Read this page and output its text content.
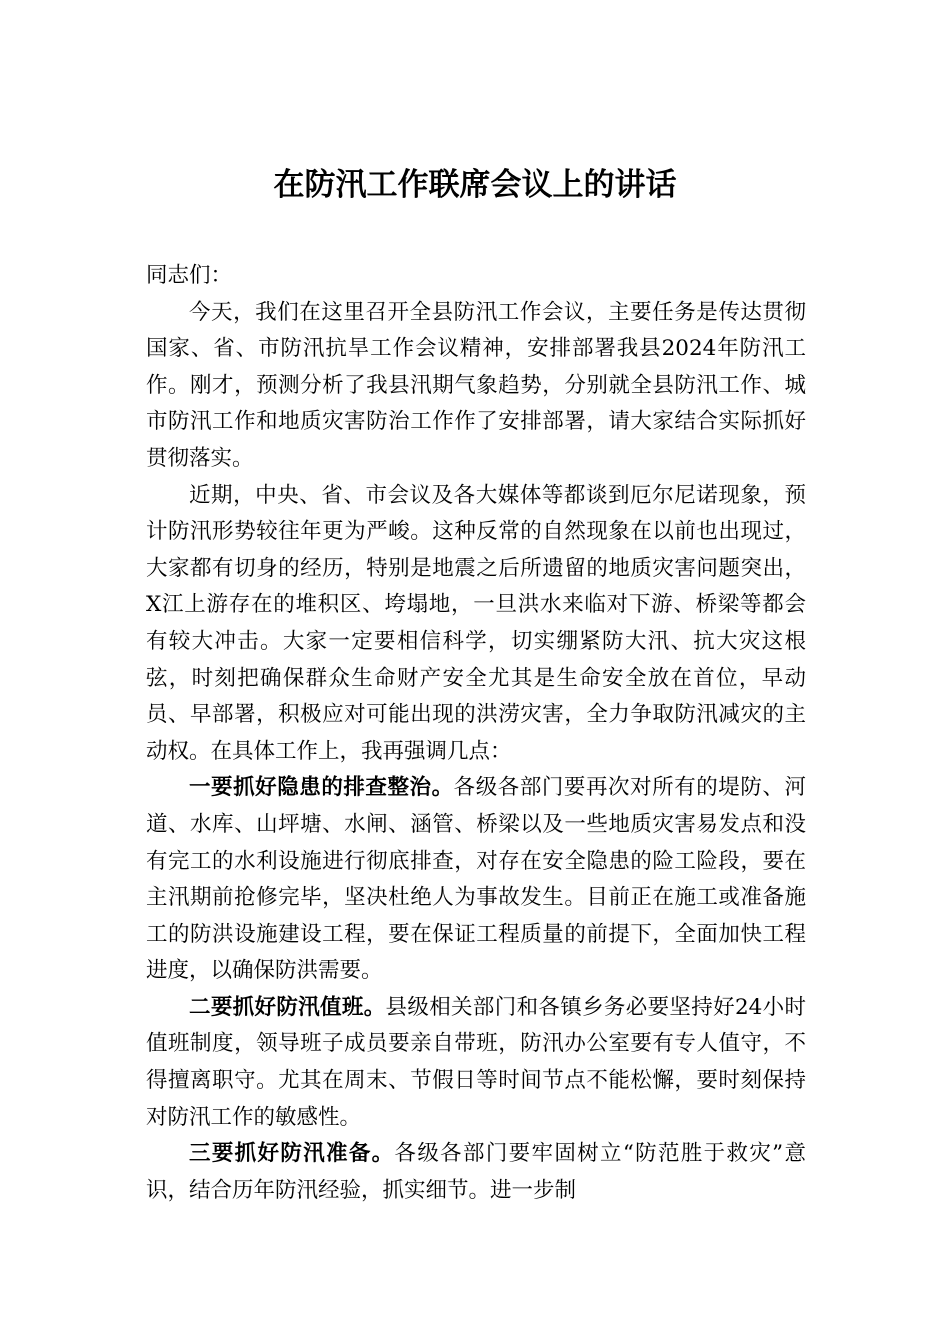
在防汛工作联席会议上的讲话

同志们：

今天，我们在这里召开全县防汛工作会议，主要任务是传达贯彻国家、省、市防汛抗旱工作会议精神，安排部署我县2024年防汛工作。刚才，预测分析了我县汛期气象趋势，分别就全县防汛工作、城市防汛工作和地质灾害防治工作作了安排部署，请大家结合实际抓好贯彻落实。

近期，中央、省、市会议及各大媒体等都谈到厄尔尼诺现象，预计防汛形势较往年更为严峻。这种反常的自然现象在以前也出现过，大家都有切身的经历，特别是地震之后所遗留的地质灾害问题突出，X江上游存在的堆积区、垮塌地，一旦洪水来临对下游、桥梁等都会有较大冲击。大家一定要相信科学，切实绷紧防大汛、抗大灾这根弦，时刻把确保群众生命财产安全尤其是生命安全放在首位，早动员、早部署，积极应对可能出现的洪涝灾害，全力争取防汛减灾的主动权。在具体工作上，我再强调几点：

一要抓好隐患的排查整治。各级各部门要再次对所有的堤防、河道、水库、山坪塘、水闸、涵管、桥梁以及一些地质灾害易发点和没有完工的水利设施进行彻底排查，对存在安全隐患的险工险段，要在主汛期前抢修完毕，坚决杜绝人为事故发生。目前正在施工或准备施工的防洪设施建设工程，要在保证工程质量的前提下，全面加快工程进度，以确保防洪需要。

二要抓好防汛值班。县级相关部门和各镇乡务必要坚持好24小时值班制度，领导班子成员要亲自带班，防汛办公室要有专人值守，不得擅离职守。尤其在周末、节假日等时间节点不能松懈，要时刻保持对防汛工作的敏感性。

三要抓好防汛准备。各级各部门要牢固树立“防范胜于救灾”意识，结合历年防汛经验，抓实细节。进一步制
